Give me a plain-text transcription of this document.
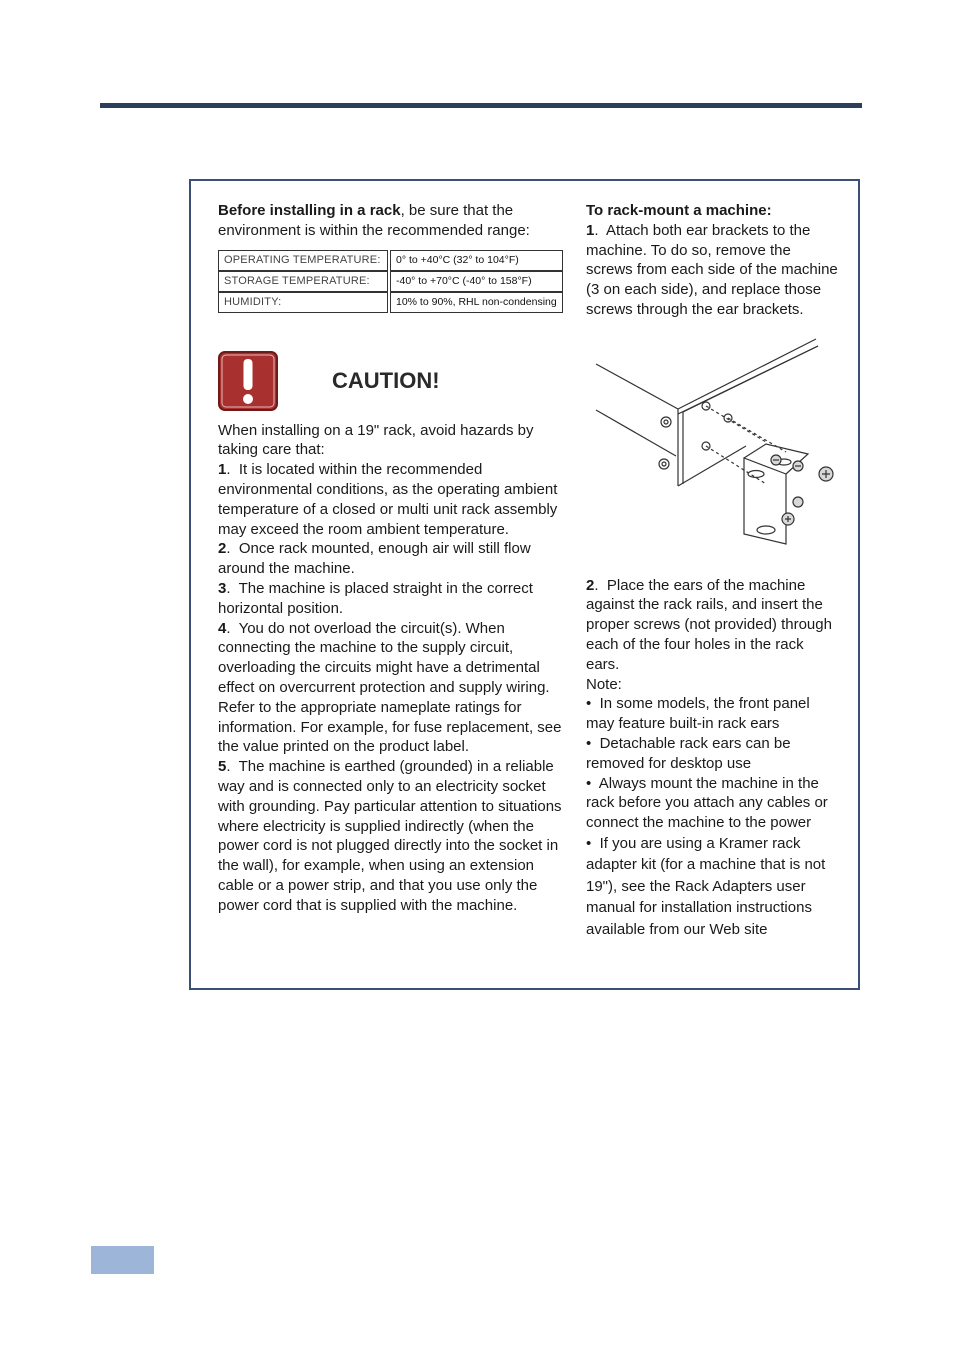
Before installing in a rack, be sure that the environment is within the recommended range:

OPERATING TEMPERATURE:		0° to +40°C (32° to 104°F)
STORAGE TEMPERATURE:		-40° to +70°C (-40° to 158°F)
HUMIDITY:		10% to 90%, RHL non-condensing
CAUTION!

When installing on a 19" rack, avoid hazards by taking care that:

1.  It is located within the recommended environmental conditions, as the operating ambient temperature of a closed or multi unit rack assembly may exceed the room ambient temperature.

2.  Once rack mounted, enough air will still flow around the machine.

3.  The machine is placed straight in the correct horizontal position.

4.  You do not overload the circuit(s). When connecting the machine to the supply circuit, overloading the circuits might have a detrimental effect on overcurrent protection and supply wiring. Refer to the appropriate nameplate ratings for information. For example, for fuse replacement, see the value printed on the product label.

5.  The machine is earthed (grounded) in a reliable way and is connected only to an electricity socket with grounding. Pay particular attention to situations where electricity is supplied indirectly (when the power cord is not plugged directly into the socket in the wall), for example, when using an extension cable or a power strip, and that you use only the power cord that is supplied with the machine.

To rack-mount a machine:

1.  Attach both ear brackets to the machine. To do so, remove the screws from each side of the machine (3 on each side), and replace those screws through the ear brackets.

2.  Place the ears of the machine against the rack rails, and insert the proper screws (not provided) through each of the four holes in the rack ears.

Note:

•  In some models, the front panel may feature built-in rack ears

•  Detachable rack ears can be removed for desktop use

•  Always mount the machine in the rack before you attach any cables or connect the machine to the power

•  If you are using a Kramer rack adapter kit (for a machine that is not 19"), see the Rack Adapters user manual for installation instructions available from our Web site
